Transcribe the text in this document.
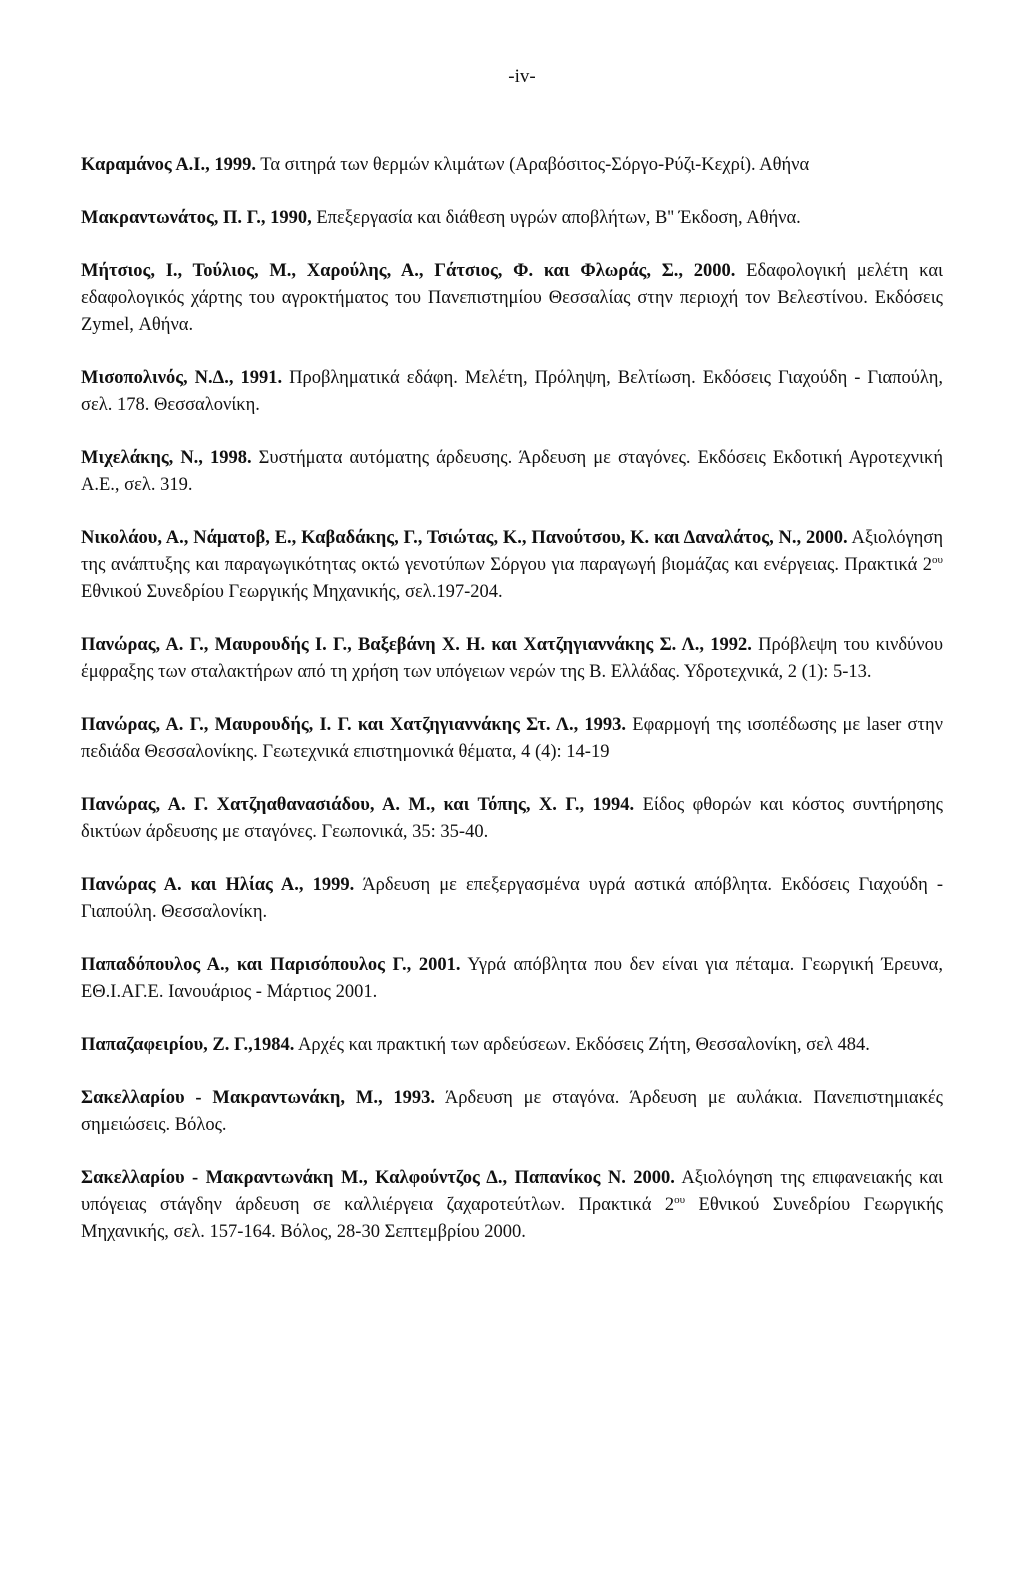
-iv-

Καραμάνος Α.Ι., 1999. Τα σιτηρά των θερμών κλιμάτων (Αραβόσιτος-Σόργο-Ρύζι-Κεχρί). Αθήνα

Μακραντωνάτος, Π. Γ., 1990, Επεξεργασία και διάθεση υγρών αποβλήτων, Β'' Έκδοση, Αθήνα.

Μήτσιος, Ι., Τούλιος, Μ., Χαρούλης, Α., Γάτσιος, Φ. και Φλωράς, Σ., 2000. Εδαφολογική μελέτη και εδαφολογικός χάρτης του αγροκτήματος του Πανεπιστημίου Θεσσαλίας στην περιοχή τον Βελεστίνου. Εκδόσεις Zymel, Αθήνα.

Μισοπολινός, Ν.Δ., 1991. Προβληματικά εδάφη. Μελέτη, Πρόληψη, Βελτίωση. Εκδόσεις Γιαχούδη - Γιαπούλη, σελ. 178. Θεσσαλονίκη.

Μιχελάκης, Ν., 1998. Συστήματα αυτόματης άρδευσης. Άρδευση με σταγόνες. Εκδόσεις Εκδοτική Αγροτεχνική Α.Ε., σελ. 319.

Νικολάου, Α., Νάματοβ, Ε., Καβαδάκης, Γ., Τσιώτας, Κ., Πανούτσου, Κ. και Δαναλάτος, Ν., 2000. Αξιολόγηση της ανάπτυξης και παραγωγικότητας οκτώ γενοτύπων Σόργου για παραγωγή βιομάζας και ενέργειας. Πρακτικά $2^{o\upsilon}$ Εθνικού Συνεδρίου Γεωργικής Μηχανικής, σελ.197-204.

Πανώρας, Α. Γ., Μαυρουδής Ι. Γ., Βαξεβάνη Χ. Η. και Χατζηγιαννάκης Σ. Λ., 1992. Πρόβλεψη του κινδύνου έμφραξης των σταλακτήρων από τη χρήση των υπόγειων νερών της Β. Ελλάδας. Υδροτεχνικά, 2 (1): 5-13.

Πανώρας, Α. Γ., Μαυρουδής, Ι. Γ. και Χατζηγιαννάκης Στ. Λ., 1993. Εφαρμογή της ισοπέδωσης με laser στην πεδιάδα Θεσσαλονίκης. Γεωτεχνικά επιστημονικά θέματα, 4 (4): 14-19

Πανώρας, Α. Γ. Χατζηαθανασιάδου, Α. Μ., και Τόπης, Χ. Γ., 1994. Είδος φθορών και κόστος συντήρησης δικτύων άρδευσης με σταγόνες. Γεωπονικά, 35: 35-40.

Πανώρας Α. και Ηλίας Α., 1999. Άρδευση με επεξεργασμένα υγρά αστικά απόβλητα. Εκδόσεις Γιαχούδη - Γιαπούλη. Θεσσαλονίκη.

Παπαδόπουλος Α., και Παρισόπουλος Γ., 2001. Υγρά απόβλητα που δεν είναι για πέταμα. Γεωργική Έρευνα, ΕΘ.Ι.ΑΓ.Ε. Ιανουάριος - Μάρτιος 2001.

Παπαζαφειρίου, Ζ. Γ.,1984. Αρχές και πρακτική των αρδεύσεων. Εκδόσεις Ζήτη, Θεσσαλονίκη, σελ 484.

Σακελλαρίου - Μακραντωνάκη, Μ., 1993. Άρδευση με σταγόνα. Άρδευση με αυλάκια. Πανεπιστημιακές σημειώσεις. Βόλος.

Σακελλαρίου - Μακραντωνάκη Μ., Καλφούντζος Δ., Παπανίκος Ν. 2000. Αξιολόγηση της επιφανειακής και υπόγειας στάγδην άρδευση σε καλλιέργεια ζαχαροτεύτλων. Πρακτικά $2^{o\upsilon}$ Εθνικού Συνεδρίου Γεωργικής Μηχανικής, σελ. 157-164. Βόλος, 28-30 Σεπτεμβρίου 2000.
